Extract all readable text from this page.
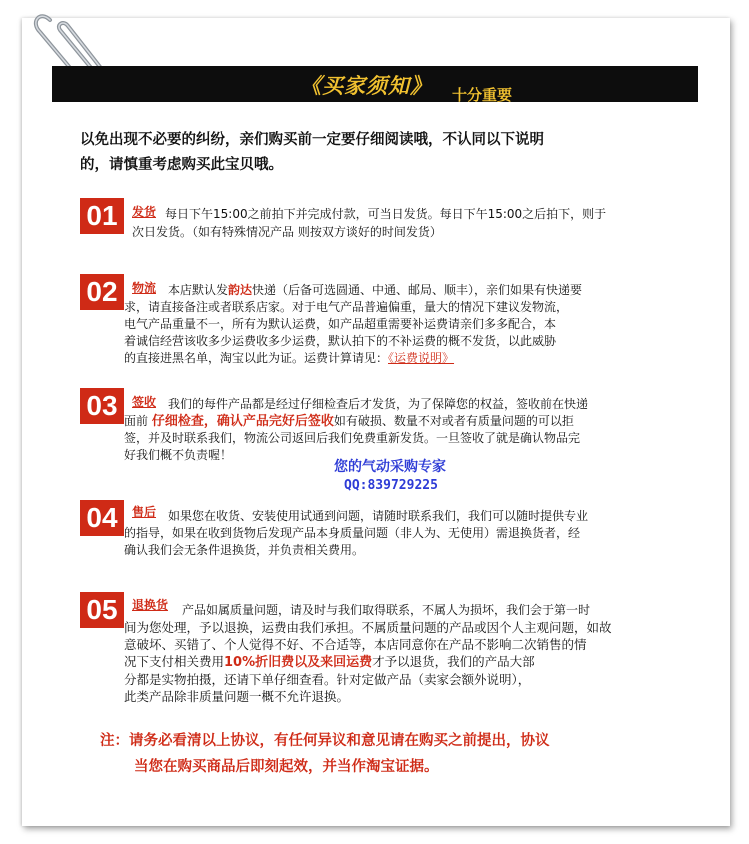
《买家须知》 十分重要

以免出现不必要的纠纷，亲们购买前一定要仔细阅读哦，不认同以下说明

的，请慎重考虑购买此宝贝哦。

01	发货 每日下午15:00之前拍下并完成付款，可当日发货。每日下午15:00之后拍下，则于

次日发货。（如有特殊情况产品 则按双方谈好的时间发货）

02	物流 本店默认发韵达快递（后备可选圆通、中通、邮局、顺丰），亲们如果有快递要

求，请直接备注或者联系店家。对于电气产品普遍偏重，量大的情况下建议发物流，

电气产品重量不一，所有为默认运费，如产品超重需要补运费请亲们多多配合，本

着诚信经营该收多少运费收多少运费，默认拍下的不补运费的概不发货，以此威胁

的直接进黑名单，淘宝以此为证。运费计算请见：《运费说明》

03	签收 我们的每件产品都是经过仔细检查后才发货，为了保障您的权益，签收前在快递

面前 仔细检查，确认产品完好后签收如有破损、数量不对或者有质量问题的可以拒

签，并及时联系我们，物流公司返回后我们免费重新发货。一旦签收了就是确认物品完

好我们概不负责喔！

您的气动采购专家
QQ:839729225
04	售后 如果您在收货、安装使用试通到问题，请随时联系我们，我们可以随时提供专业

的指导，如果在收到货物后发现产品本身质量问题（非人为、无使用）需退换货者，经

确认我们会无条件退换货，并负责相关费用。

05	退换货 产品如属质量问题，请及时与我们取得联系，不属人为损坏，我们会于第一时

间为您处理，予以退换，运费由我们承担。不属质量问题的产品或因个人主观问题，如故

意破坏、买错了、个人觉得不好、不合适等，本店同意你在产品不影响二次销售的情

况下支付相关费用10%折旧费以及来回运费才予以退货，我们的产品大部

分都是实物拍摄，还请下单仔细查看。针对定做产品（卖家会额外说明），

此类产品除非质量问题一概不允许退换。

注：请务必看清以上协议，有任何异议和意见请在购买之前提出，协议

当您在购买商品后即刻起效，并当作淘宝证据。
